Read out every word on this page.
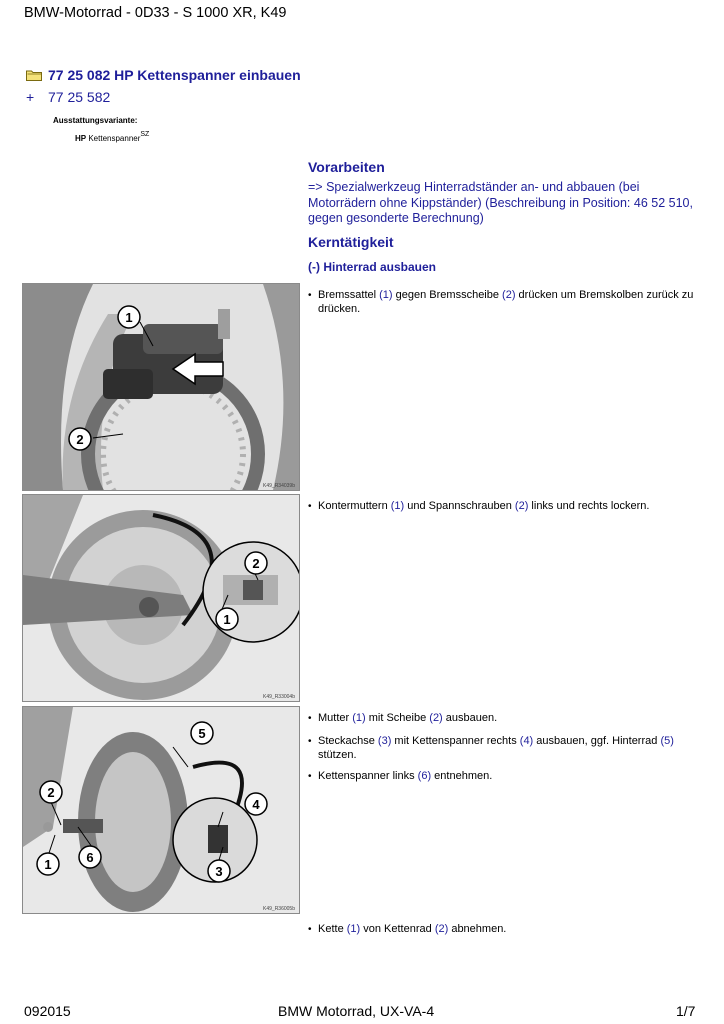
BMW-Motorrad - 0D33 - S 1000 XR, K49
77 25 082 HP Kettenspanner einbauen
+ 77 25 582
Ausstattungsvariante:
HP Kettenspanner$^{SZ}$
Vorarbeiten
=> Spezialwerkzeug Hinterradständer an- und abbauen (bei Motorrädern ohne Kippständer) (Beschreibung in Position: 46 52 510, gegen gesonderte Berechnung)
Kerntätigkeit
(-) Hinterrad ausbauen
1
2
K49_R34039b
2
1
K49_R33004b
5
2
4
1	6
3
K49_R36005b
• Bremssattel (1) gegen Bremsscheibe (2) drücken um Bremskolben zurück zu drücken.
• Kontermuttern (1) und Spannschrauben (2) links und rechts lockern.
• Mutter (1) mit Scheibe (2) ausbauen.
• Steckachse (3) mit Kettenspanner rechts (4) ausbauen, ggf. Hinterrad (5) stützen.
• Kettenspanner links (6) entnehmen.
• Kette (1) von Kettenrad (2) abnehmen.
092015	BMW Motorrad, UX-VA-4	1/7
